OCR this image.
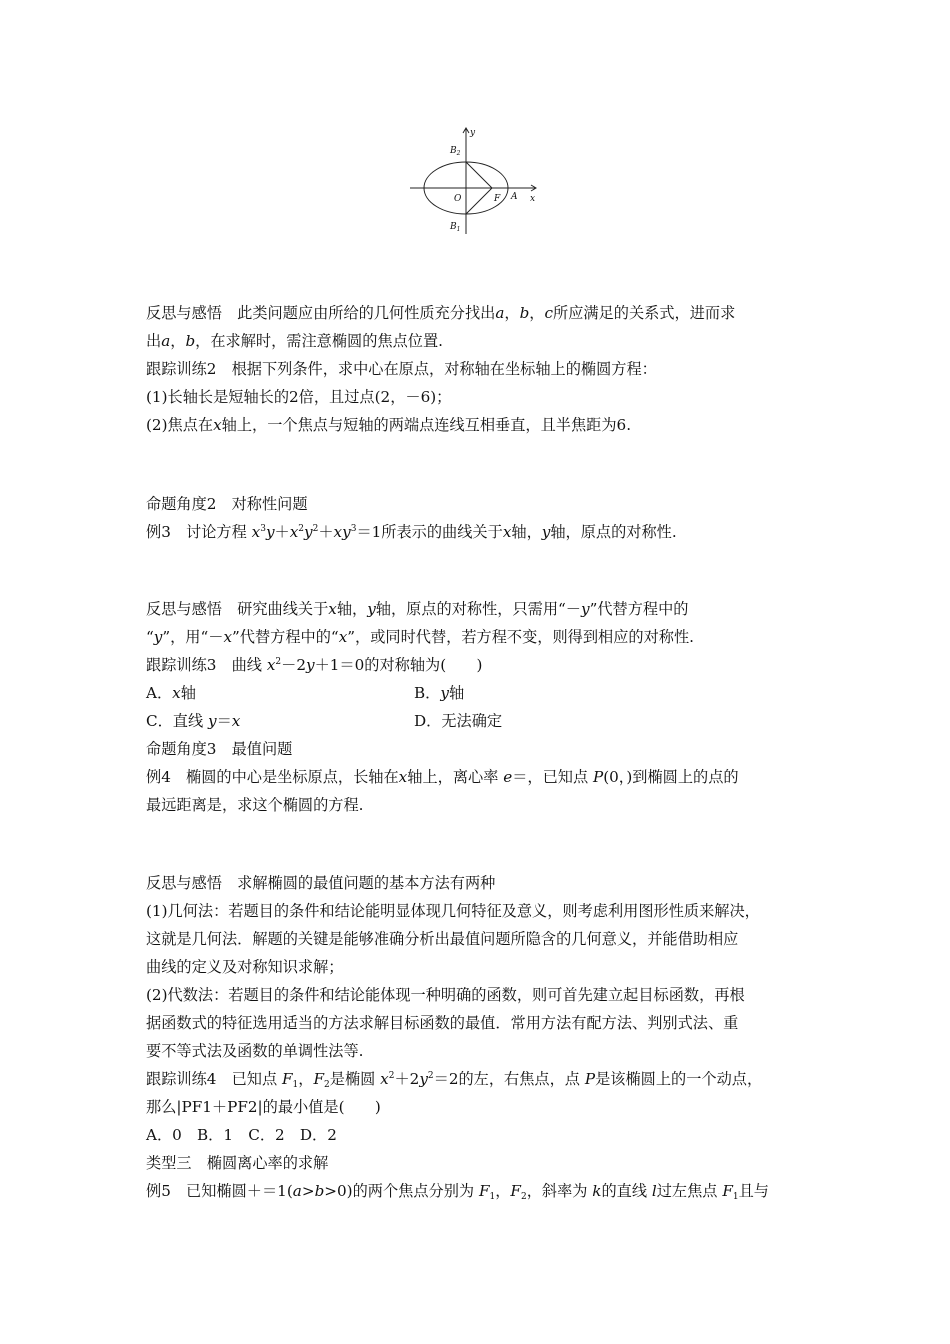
y
x
$B_2$
$B_1$
O	F A
反思与感悟　此类问题应由所给的几何性质充分找出a，b，c所应满足的关系式，进而求
出a，b，在求解时，需注意椭圆的焦点位置.
跟踪训练2　根据下列条件，求中心在原点，对称轴在坐标轴上的椭圆方程：
(1)长轴长是短轴长的2倍，且过点(2，－6)；
(2)焦点在x轴上，一个焦点与短轴的两端点连线互相垂直，且半焦距为6.
命题角度2　对称性问题
例3　讨论方程 $x^3y+x^2y^2+xy^3=1$所表示的曲线关于x轴，y轴，原点的对称性.
反思与感悟　研究曲线关于x轴，y轴，原点的对称性，只需用“－y”代替方程中的
“y”，用“－x”代替方程中的“x”，或同时代替，若方程不变，则得到相应的对称性.
跟踪训练3　曲线 $x^2-2y+1=0$的对称轴为(　　)
A．x轴	B．y轴
C．直线 y＝x	D．无法确定
命题角度3　最值问题
例4　椭圆的中心是坐标原点，长轴在x轴上，离心率 e＝，已知点 P(0，)到椭圆上的点的
最远距离是，求这个椭圆的方程.
反思与感悟　求解椭圆的最值问题的基本方法有两种
(1)几何法：若题目的条件和结论能明显体现几何特征及意义，则考虑利用图形性质来解决，
这就是几何法．解题的关键是能够准确分析出最值问题所隐含的几何意义，并能借助相应
曲线的定义及对称知识求解；
(2)代数法：若题目的条件和结论能体现一种明确的函数，则可首先建立起目标函数，再根
据函数式的特征选用适当的方法求解目标函数的最值．常用方法有配方法、判别式法、重
要不等式法及函数的单调性法等.
跟踪训练4　已知点 $F_1$，$F_2$是椭圆 $x^2+2y^2=2$的左，右焦点，点 P是该椭圆上的一个动点，
那么|PF1＋PF2|的最小值是(　　)
A．0　B．1　C．2　D．2
类型三　椭圆离心率的求解
例5　已知椭圆＋＝1(a>b>0)的两个焦点分别为 $F_1$，$F_2$，斜率为 k的直线 l过左焦点 $F_1$且与
